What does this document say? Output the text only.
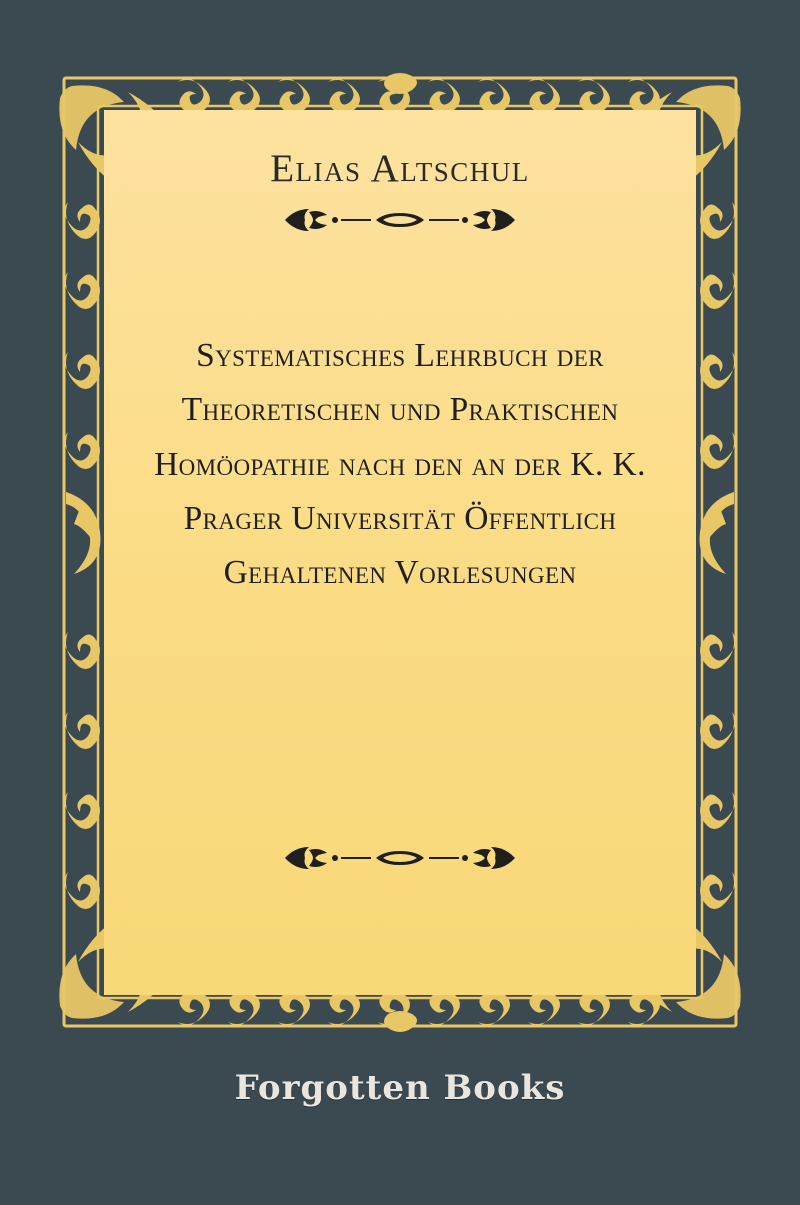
Elias Altschul
Systematisches Lehrbuch der Theoretischen und Praktischen Homöopathie nach den an der K. K. Prager Universität Öffentlich Gehaltenen Vorlesungen
Forgotten Books
